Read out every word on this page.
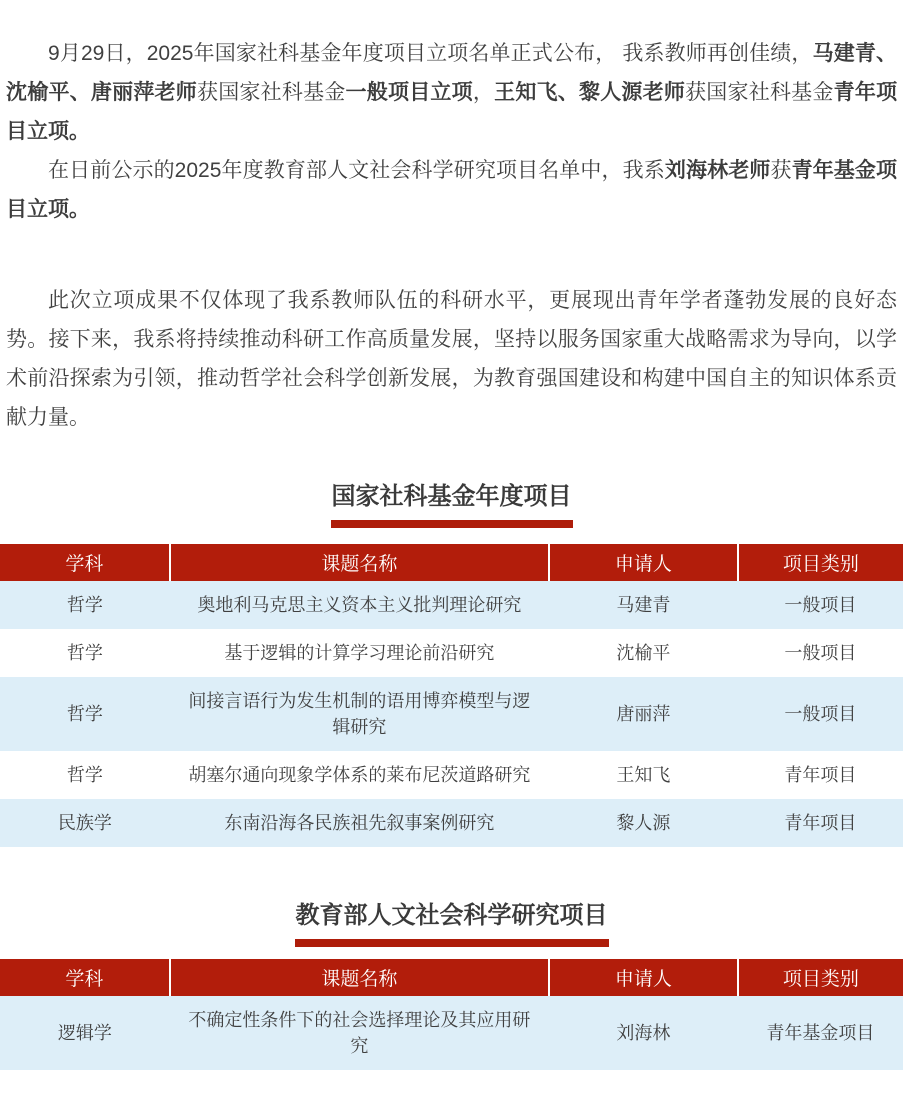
9月29日，2025年国家社科基金年度项目立项名单正式公布， 我系教师再创佳绩，马建青、沈榆平、唐丽萍老师获国家社科基金一般项目立项，王知飞、黎人源老师获国家社科基金青年项目立项。

在日前公示的2025年度教育部人文社会科学研究项目名单中，我系刘海林老师获青年基金项目立项。

此次立项成果不仅体现了我系教师队伍的科研水平，更展现出青年学者蓬勃发展的良好态势。接下来，我系将持续推动科研工作高质量发展，坚持以服务国家重大战略需求为导向，以学术前沿探索为引领，推动哲学社会科学创新发展，为教育强国建设和构建中国自主的知识体系贡献力量。

国家社科基金年度项目
学科	课题名称	申请人	项目类别
哲学	奥地利马克思主义资本主义批判理论研究	马建青	一般项目
哲学	基于逻辑的计算学习理论前沿研究	沈榆平	一般项目
哲学	间接言语行为发生机制的语用博弈模型与逻辑研究	唐丽萍	一般项目
哲学	胡塞尔通向现象学体系的莱布尼茨道路研究	王知飞	青年项目
民族学	东南沿海各民族祖先叙事案例研究	黎人源	青年项目
教育部人文社会科学研究项目
学科	课题名称	申请人	项目类别
逻辑学	不确定性条件下的社会选择理论及其应用研究	刘海林	青年基金项目
